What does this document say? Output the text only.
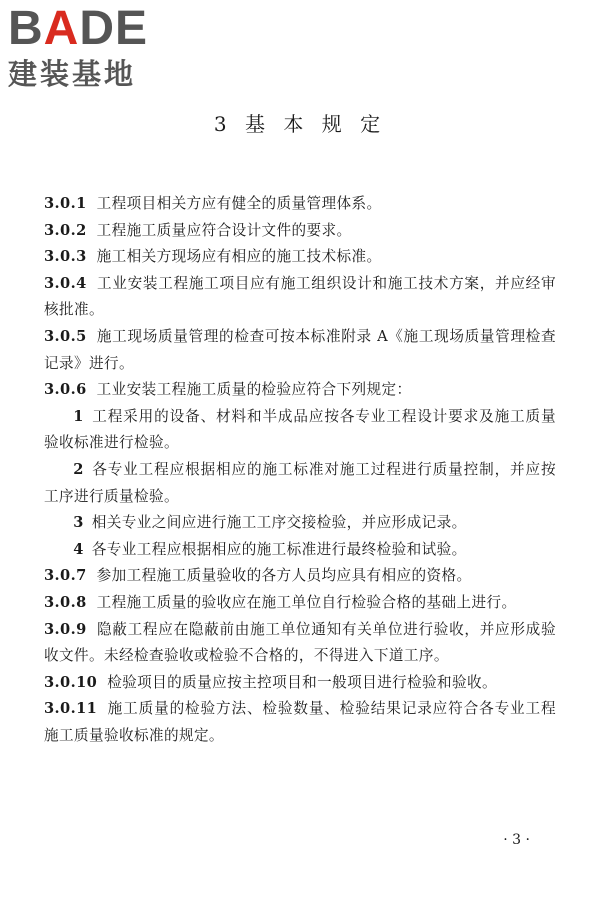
BADE
建装基地
3 基 本 规 定
3.0.1 工程项目相关方应有健全的质量管理体系。
3.0.2 工程施工质量应符合设计文件的要求。
3.0.3 施工相关方现场应有相应的施工技术标准。
3.0.4 工业安装工程施工项目应有施工组织设计和施工技术方案，并应经审核批准。
3.0.5 施工现场质量管理的检查可按本标准附录 A《施工现场质量管理检查记录》进行。
3.0.6 工业安装工程施工质量的检验应符合下列规定：
1 工程采用的设备、材料和半成品应按各专业工程设计要求及施工质量验收标准进行检验。
2 各专业工程应根据相应的施工标准对施工过程进行质量控制，并应按工序进行质量检验。
3 相关专业之间应进行施工工序交接检验，并应形成记录。
4 各专业工程应根据相应的施工标准进行最终检验和试验。
3.0.7 参加工程施工质量验收的各方人员均应具有相应的资格。
3.0.8 工程施工质量的验收应在施工单位自行检验合格的基础上进行。
3.0.9 隐蔽工程应在隐蔽前由施工单位通知有关单位进行验收，并应形成验收文件。未经检查验收或检验不合格的，不得进入下道工序。
3.0.10 检验项目的质量应按主控项目和一般项目进行检验和验收。
3.0.11 施工质量的检验方法、检验数量、检验结果记录应符合各专业工程施工质量验收标准的规定。
· 3 ·
